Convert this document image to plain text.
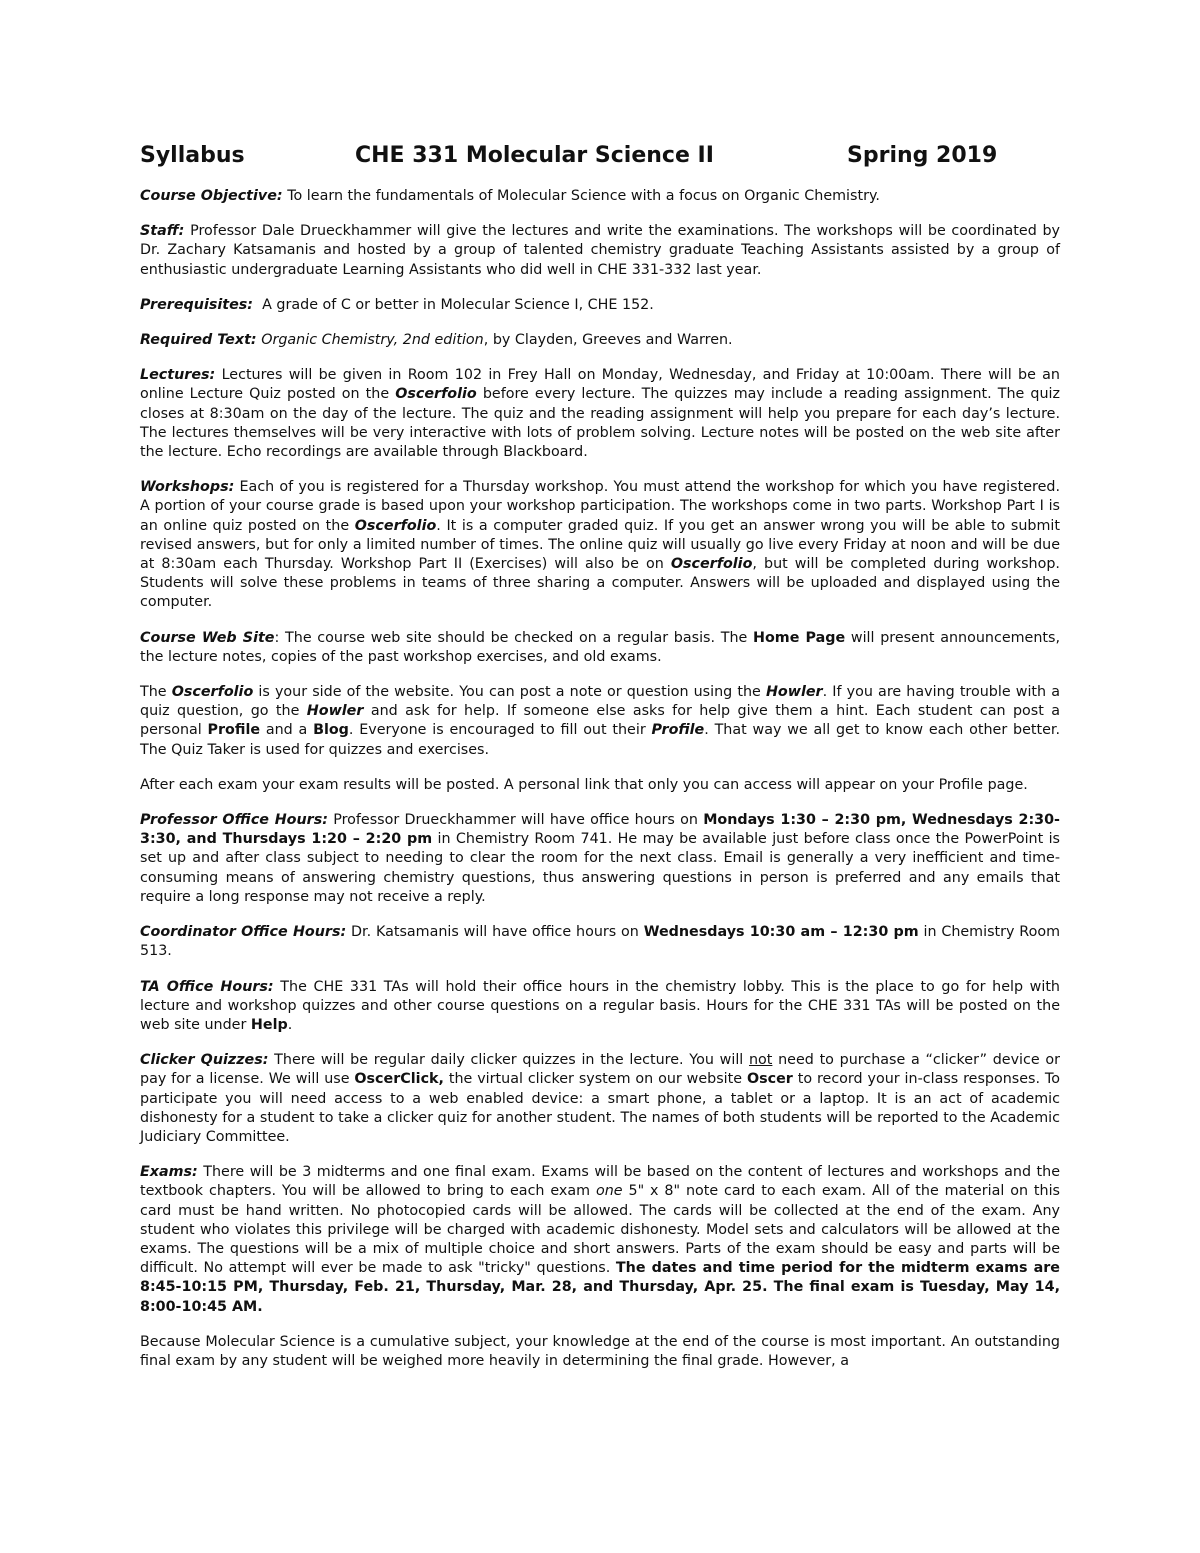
Syllabus	CHE 331 Molecular Science II	Spring 2019

Course Objective: To learn the fundamentals of Molecular Science with a focus on Organic Chemistry.

Staff: Professor Dale Drueckhammer will give the lectures and write the examinations. The workshops will be coordinated by Dr. Zachary Katsamanis and hosted by a group of talented chemistry graduate Teaching Assistants assisted by a group of enthusiastic undergraduate Learning Assistants who did well in CHE 331-332 last year.

Prerequisites:  A grade of C or better in Molecular Science I, CHE 152.

Required Text: Organic Chemistry, 2nd edition, by Clayden, Greeves and Warren.

Lectures: Lectures will be given in Room 102 in Frey Hall on Monday, Wednesday, and Friday at 10:00am. There will be an online Lecture Quiz posted on the Oscerfolio before every lecture. The quizzes may include a reading assignment. The quiz closes at 8:30am on the day of the lecture. The quiz and the reading assignment will help you prepare for each day’s lecture. The lectures themselves will be very interactive with lots of problem solving. Lecture notes will be posted on the web site after the lecture. Echo recordings are available through Blackboard.

Workshops: Each of you is registered for a Thursday workshop. You must attend the workshop for which you have registered. A portion of your course grade is based upon your workshop participation. The workshops come in two parts. Workshop Part I is an online quiz posted on the Oscerfolio. It is a computer graded quiz. If you get an answer wrong you will be able to submit revised answers, but for only a limited number of times. The online quiz will usually go live every Friday at noon and will be due at 8:30am each Thursday. Workshop Part II (Exercises) will also be on Oscerfolio, but will be completed during workshop. Students will solve these problems in teams of three sharing a computer. Answers will be uploaded and displayed using the computer.

Course Web Site: The course web site should be checked on a regular basis. The Home Page will present announcements, the lecture notes, copies of the past workshop exercises, and old exams.

The Oscerfolio is your side of the website. You can post a note or question using the Howler. If you are having trouble with a quiz question, go the Howler and ask for help. If someone else asks for help give them a hint. Each student can post a personal Profile and a Blog. Everyone is encouraged to fill out their Profile. That way we all get to know each other better. The Quiz Taker is used for quizzes and exercises.

After each exam your exam results will be posted. A personal link that only you can access will appear on your Profile page.

Professor Office Hours: Professor Drueckhammer will have office hours on Mondays 1:30 – 2:30 pm, Wednesdays 2:30-3:30, and Thursdays 1:20 – 2:20 pm in Chemistry Room 741. He may be available just before class once the PowerPoint is set up and after class subject to needing to clear the room for the next class. Email is generally a very inefficient and time-consuming means of answering chemistry questions, thus answering questions in person is preferred and any emails that require a long response may not receive a reply.

Coordinator Office Hours: Dr. Katsamanis will have office hours on Wednesdays 10:30 am – 12:30 pm in Chemistry Room 513.

TA Office Hours: The CHE 331 TAs will hold their office hours in the chemistry lobby. This is the place to go for help with lecture and workshop quizzes and other course questions on a regular basis. Hours for the CHE 331 TAs will be posted on the web site under Help.

Clicker Quizzes: There will be regular daily clicker quizzes in the lecture. You will not need to purchase a “clicker” device or pay for a license. We will use OscerClick, the virtual clicker system on our website Oscer to record your in-class responses. To participate you will need access to a web enabled device: a smart phone, a tablet or a laptop. It is an act of academic dishonesty for a student to take a clicker quiz for another student. The names of both students will be reported to the Academic Judiciary Committee.

Exams: There will be 3 midterms and one final exam. Exams will be based on the content of lectures and workshops and the textbook chapters. You will be allowed to bring to each exam one 5" x 8" note card to each exam. All of the material on this card must be hand written. No photocopied cards will be allowed. The cards will be collected at the end of the exam. Any student who violates this privilege will be charged with academic dishonesty. Model sets and calculators will be allowed at the exams. The questions will be a mix of multiple choice and short answers. Parts of the exam should be easy and parts will be difficult. No attempt will ever be made to ask "tricky" questions. The dates and time period for the midterm exams are 8:45-10:15 PM, Thursday, Feb. 21, Thursday, Mar. 28, and Thursday, Apr. 25. The final exam is Tuesday, May 14, 8:00-10:45 AM.

Because Molecular Science is a cumulative subject, your knowledge at the end of the course is most important. An outstanding final exam by any student will be weighed more heavily in determining the final grade. However, a
